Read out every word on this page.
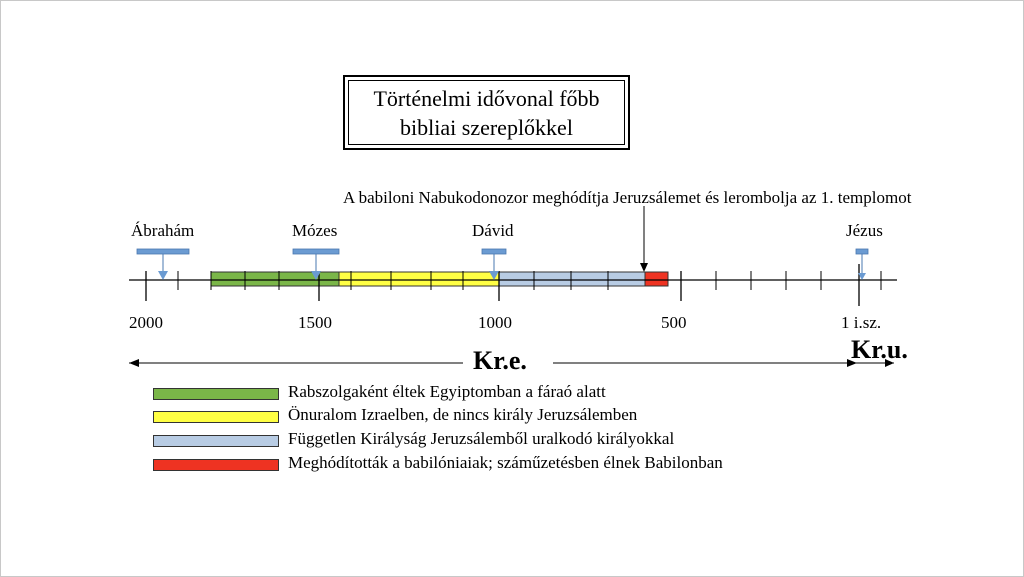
Történelmi idővonal főbb
bibliai szereplőkkel
A babiloni Nabukodonozor meghódítja Jeruzsálemet és lerombolja az 1. templomot
Ábrahám	Mózes	Dávid	Jézus
2000	1500	1000	500	1 i.sz.
Kr.e.	Kr.u.
Rabszolgaként éltek Egyiptomban a fáraó alatt
Önuralom Izraelben, de nincs király Jeruzsálemben
Független Királyság Jeruzsálemből uralkodó királyokkal
Meghódították a babilóniaiak; száműzetésben élnek Babilonban
